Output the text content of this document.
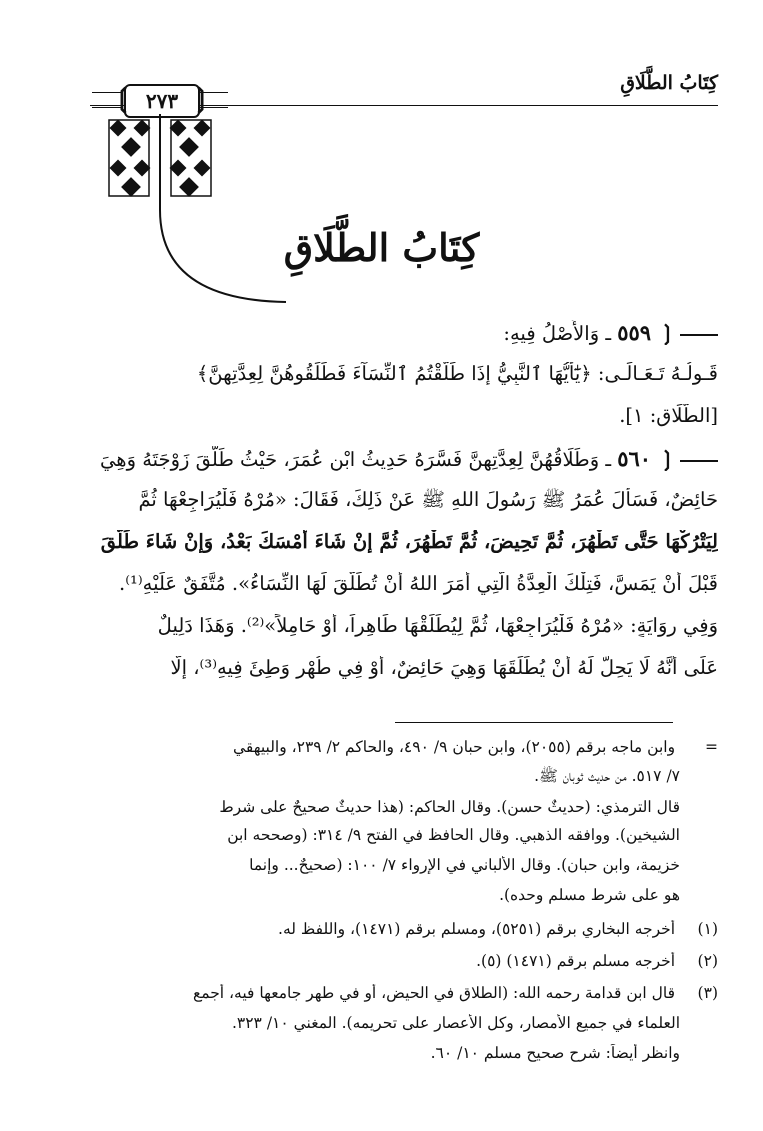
كِتَابُ الطَّلَاقِ
❲ ٢٧٣ ❳
كِتَابُ الطَّلَاقِ
❲ ٥٥٩ ـ وَالأَصْلُ فِيهِ:
قَـولُـهُ تَـعَـالَـى: ﴿يَٰٓأَيُّهَا ٱلنَّبِيُّ إِذَا طَلَّقْتُمُ ٱلنِّسَآءَ فَطَلِّقُوهُنَّ لِعِدَّتِهِنَّ﴾
[الطَّلَاق: ١].
❲ ٥٦٠ ـ وَطَلَاقُهُنَّ لِعِدَّتِهِنَّ فَسَّرَهُ حَدِيثُ ابْنِ عُمَرَ، حَيْثُ طَلَّقَ زَوْجَتَهُ وَهِيَ
حَائِضٌ، فَسَأَلَ عُمَرُ ﷺ رَسُولَ اللهِ ﷺ عَنْ ذَلِكَ، فَقَالَ: «مُرْهُ فَلْيُرَاجِعْهَا ثُمَّ
لِيَتْرُكْهَا حَتَّى تَطْهُرَ، ثُمَّ تَحِيضَ، ثُمَّ تَطْهُرَ، ثُمَّ إِنْ شَاءَ أَمْسَكَ بَعْدُ، وَإِنْ شَاءَ طَلَّقَ
قَبْلَ أَنْ يَمَسَّ، فَتِلْكَ الْعِدَّةُ الَّتِي أَمَرَ اللهُ أَنْ تُطَلَّقَ لَهَا النِّسَاءُ». مُتَّفَقٌ عَلَيْهِ⁽¹⁾.
وَفِي رِوَايَةٍ: «مُرْهُ فَلْيُرَاجِعْهَا، ثُمَّ لِيُطَلِّقْهَا طَاهِراً، أَوْ حَامِلاً»⁽²⁾. وَهَذَا دَلِيلٌ
عَلَى أَنَّهُ لَا يَحِلُّ لَهُ أَنْ يُطَلِّقَهَا وَهِيَ حَائِضٌ، أَوْ فِي طُهْرٍ وَطِئَ فِيهِ⁽³⁾، إِلَّا
= وابن ماجه برقم (٢٠٥٥)، وابن حبان ٩/ ٤٩٠، والحاكم ٢/ ٢٣٩، والبيهقي
٧/ ٥١٧. من حديث ثوبان ﷺ.
قال الترمذي: (حديثٌ حسن). وقال الحاكم: (هذا حديثٌ صحيحٌ على شرط
الشيخين). ووافقه الذهبي. وقال الحافظ في الفتح ٩/ ٣١٤: (وصححه ابن
خزيمة، وابن حبان). وقال الألباني في الإرواء ٧/ ١٠٠: (صحيحٌ... وإنما
هو على شرط مسلم وحده).
(١) أخرجه البخاري برقم (٥٢٥١)، ومسلم برقم (١٤٧١)، واللفظ له.
(٢) أخرجه مسلم برقم (١٤٧١) (٥).
(٣) قال ابن قدامة رحمه الله: (الطلاق في الحيض، أو في طهر جامعها فيه، أجمع
العلماء في جميع الأمصار، وكل الأعصار على تحريمه). المغني ١٠/ ٣٢٣.
وانظر أيضاً: شرح صحيح مسلم ١٠/ ٦٠.
